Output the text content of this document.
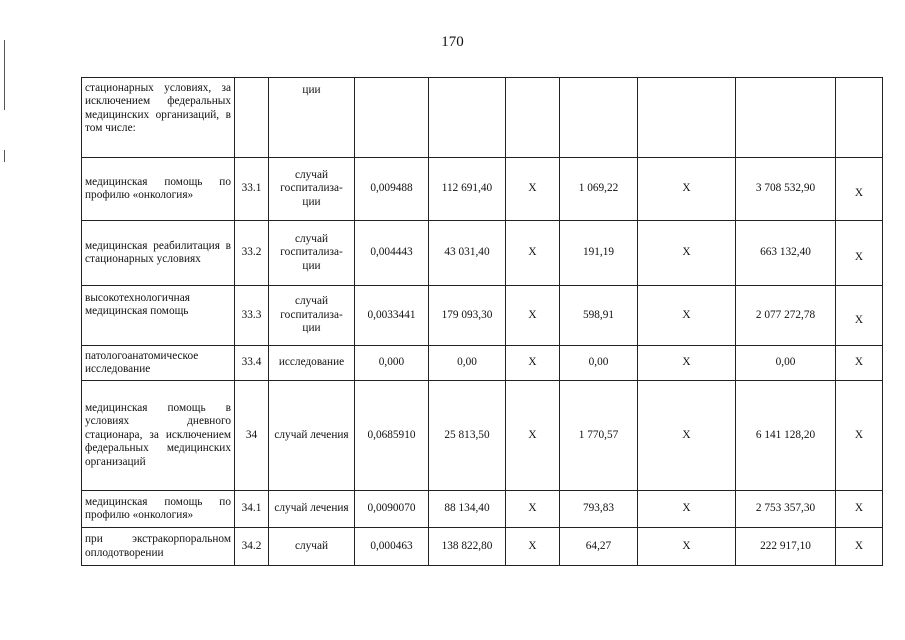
170
стационарных условиях, за исключением федеральных медицинских организаций, в том числе:		ции							
медицинская помощь по профилю «онкология»	33.1	случай госпитализа-ции	0,009488	112 691,40	Х	1 069,22	Х	3 708 532,90	Х

медицинская реабилитация в стационарных условиях	33.2	случай госпитализа-ции	0,004443	43 031,40	Х	191,19	Х	663 132,40	Х

высокотехнологичная медицинская помощь	33.3	случай госпитализа-ции	0,0033441	179 093,30	Х	598,91	Х	2 077 272,78	Х

патологоанатомическое исследование	33.4	исследование	0,000	0,00	Х	0,00	Х	0,00	Х
медицинская помощь в условиях дневного стационара, за исключением федеральных медицинских организаций	34	случай лечения	0,0685910	25 813,50	Х	1 770,57	Х	6 141 128,20	Х
медицинская помощь по профилю «онкология»	34.1	случай лечения	0,0090070	88 134,40	Х	793,83	Х	2 753 357,30	Х
при экстракорпоральном оплодотворении	34.2	случай	0,000463	138 822,80	Х	64,27	Х	222 917,10	Х
